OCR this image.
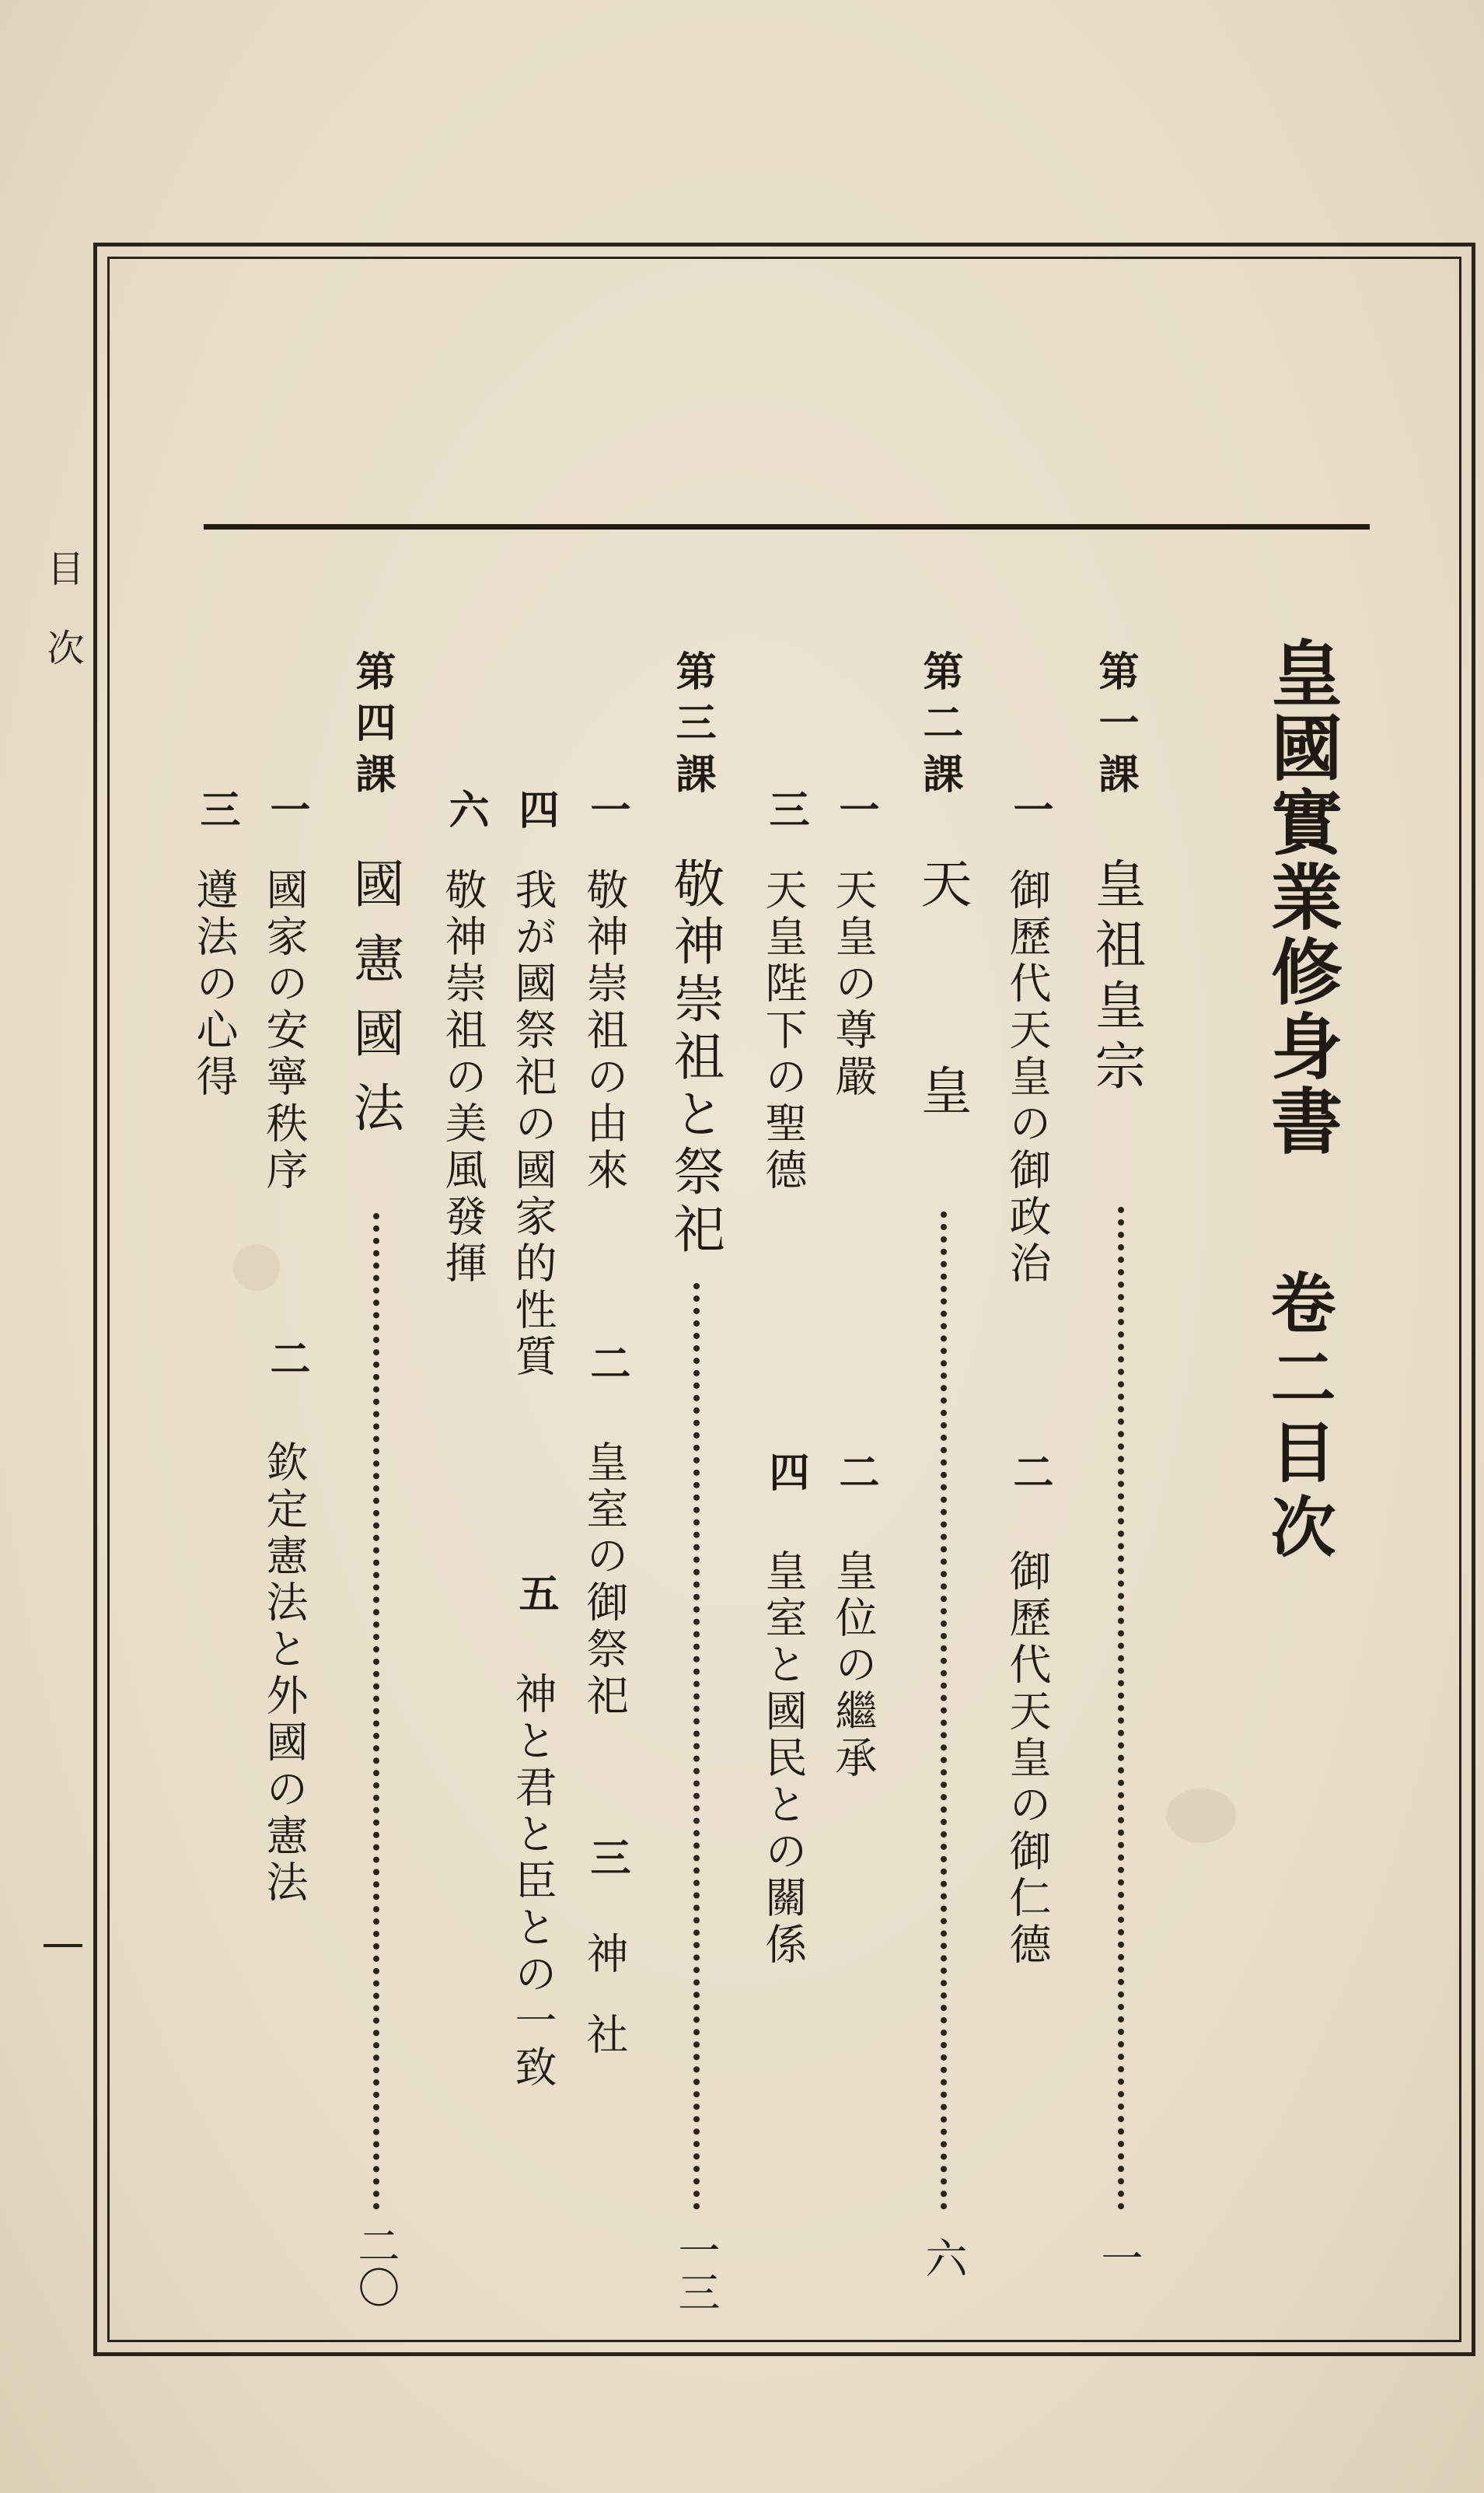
目次
皇國實業修身書
卷二目次
第一課
皇祖皇宗
一
一
御歷代天皇の御政治
二
御歷代天皇の御仁德
第二課
天皇
六
一
天皇の尊嚴
二
皇位の繼承
三
天皇陛下の聖德
四
皇室と國民との關係
第三課
敬神崇祖と祭祀
一三
一
敬神崇祖の由來
二
皇室の御祭祀
三
神社
四
我が國祭祀の國家的性質
五
神と君と臣との一致
六
敬神崇祖の美風發揮
第四課
國憲國法
二〇
一
國家の安寧秩序
二
欽定憲法と外國の憲法
三
遵法の心得
